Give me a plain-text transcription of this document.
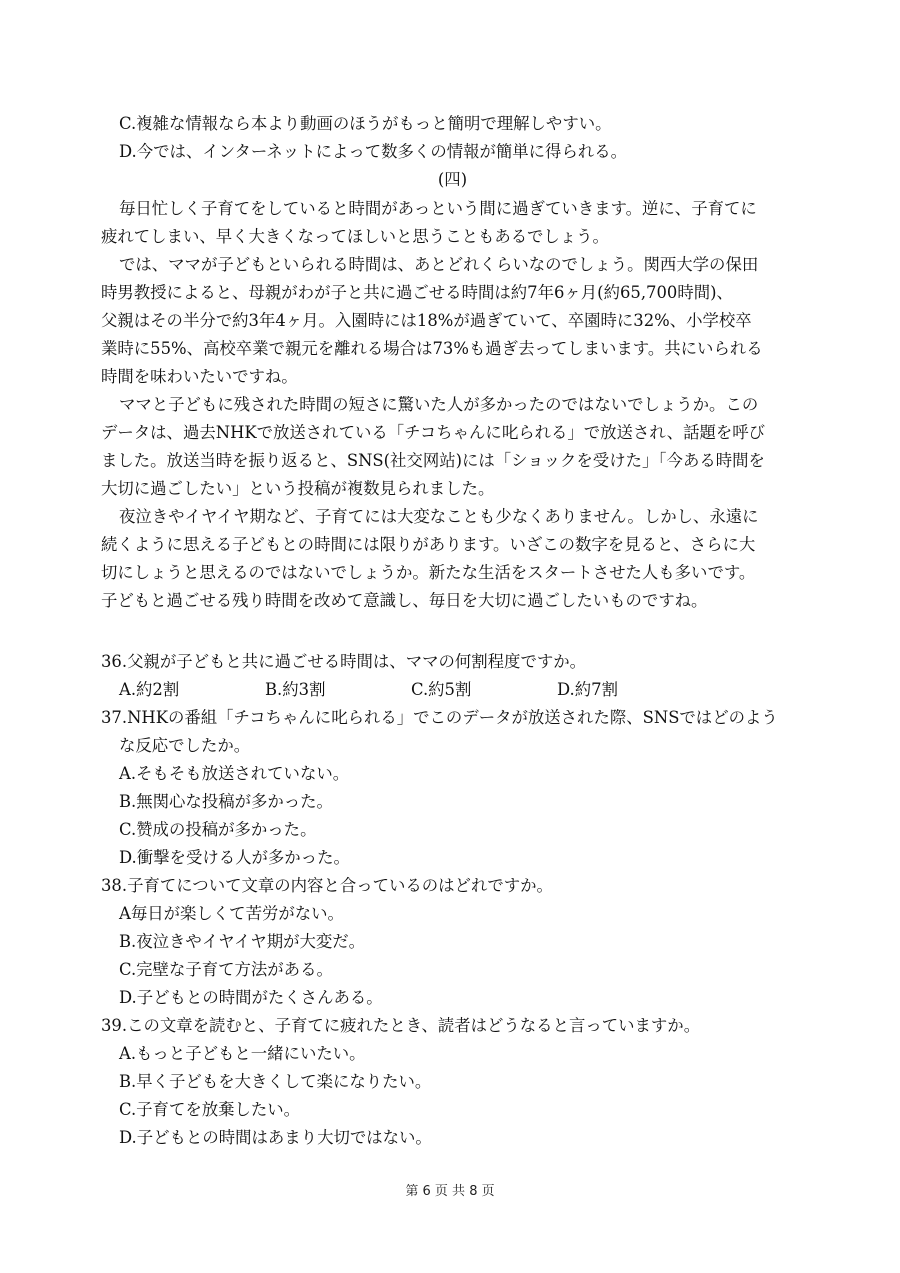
C.複雑な情報なら本より動画のほうがもっと簡明で理解しやすい。
D.今では、インターネットによって数多くの情報が簡単に得られる。
(四)
毎日忙しく子育てをしていると時間があっという間に過ぎていきます。逆に、子育てに
疲れてしまい、早く大きくなってほしいと思うこともあるでしょう。
では、ママが子どもといられる時間は、あとどれくらいなのでしょう。関西大学の保田
時男教授によると、母親がわが子と共に過ごせる時間は約7年6ヶ月(約65,700時間)、
父親はその半分で約3年4ヶ月。入園時には18%が過ぎていて、卒園時に32%、小学校卒
業時に55%、高校卒業で親元を離れる場合は73%も過ぎ去ってしまいます。共にいられる
時間を味わいたいですね。
ママと子どもに残された時間の短さに驚いた人が多かったのではないでしょうか。この
データは、過去NHKで放送されている「チコちゃんに叱られる」で放送され、話題を呼び
ました。放送当時を振り返ると、SNS(社交网站)には「ショックを受けた」「今ある時間を
大切に過ごしたい」という投稿が複数見られました。
夜泣きやイヤイヤ期など、子育てには大変なことも少なくありません。しかし、永遠に
続くように思える子どもとの時間には限りがあります。いざこの数字を見ると、さらに大
切にしょうと思えるのではないでしょうか。新たな生活をスタートさせた人も多いです。
子どもと過ごせる残り時間を改めて意識し、毎日を大切に過ごしたいものですね。
36.父親が子どもと共に過ごせる時間は、ママの何割程度ですか。
A.約2割	B.約3割	C.約5割	D.約7割
37.NHKの番組「チコちゃんに叱られる」でこのデータが放送された際、SNSではどのよう
な反応でしたか。
A.そもそも放送されていない。
B.無関心な投稿が多かった。
C.赞成の投稿が多かった。
D.衝撃を受ける人が多かった。
38.子育てについて文章の内容と合っているのはどれですか。
A毎日が楽しくて苦労がない。
B.夜泣きやイヤイヤ期が大変だ。
C.完壁な子育て方法がある。
D.子どもとの時間がたくさんある。
39.この文章を読むと、子育てに疲れたとき、読者はどうなると言っていますか。
A.もっと子どもと一緒にいたい。
B.早く子どもを大きくして楽になりたい。
C.子育てを放棄したい。
D.子どもとの時間はあまり大切ではない。
第 6 页 共 8 页
